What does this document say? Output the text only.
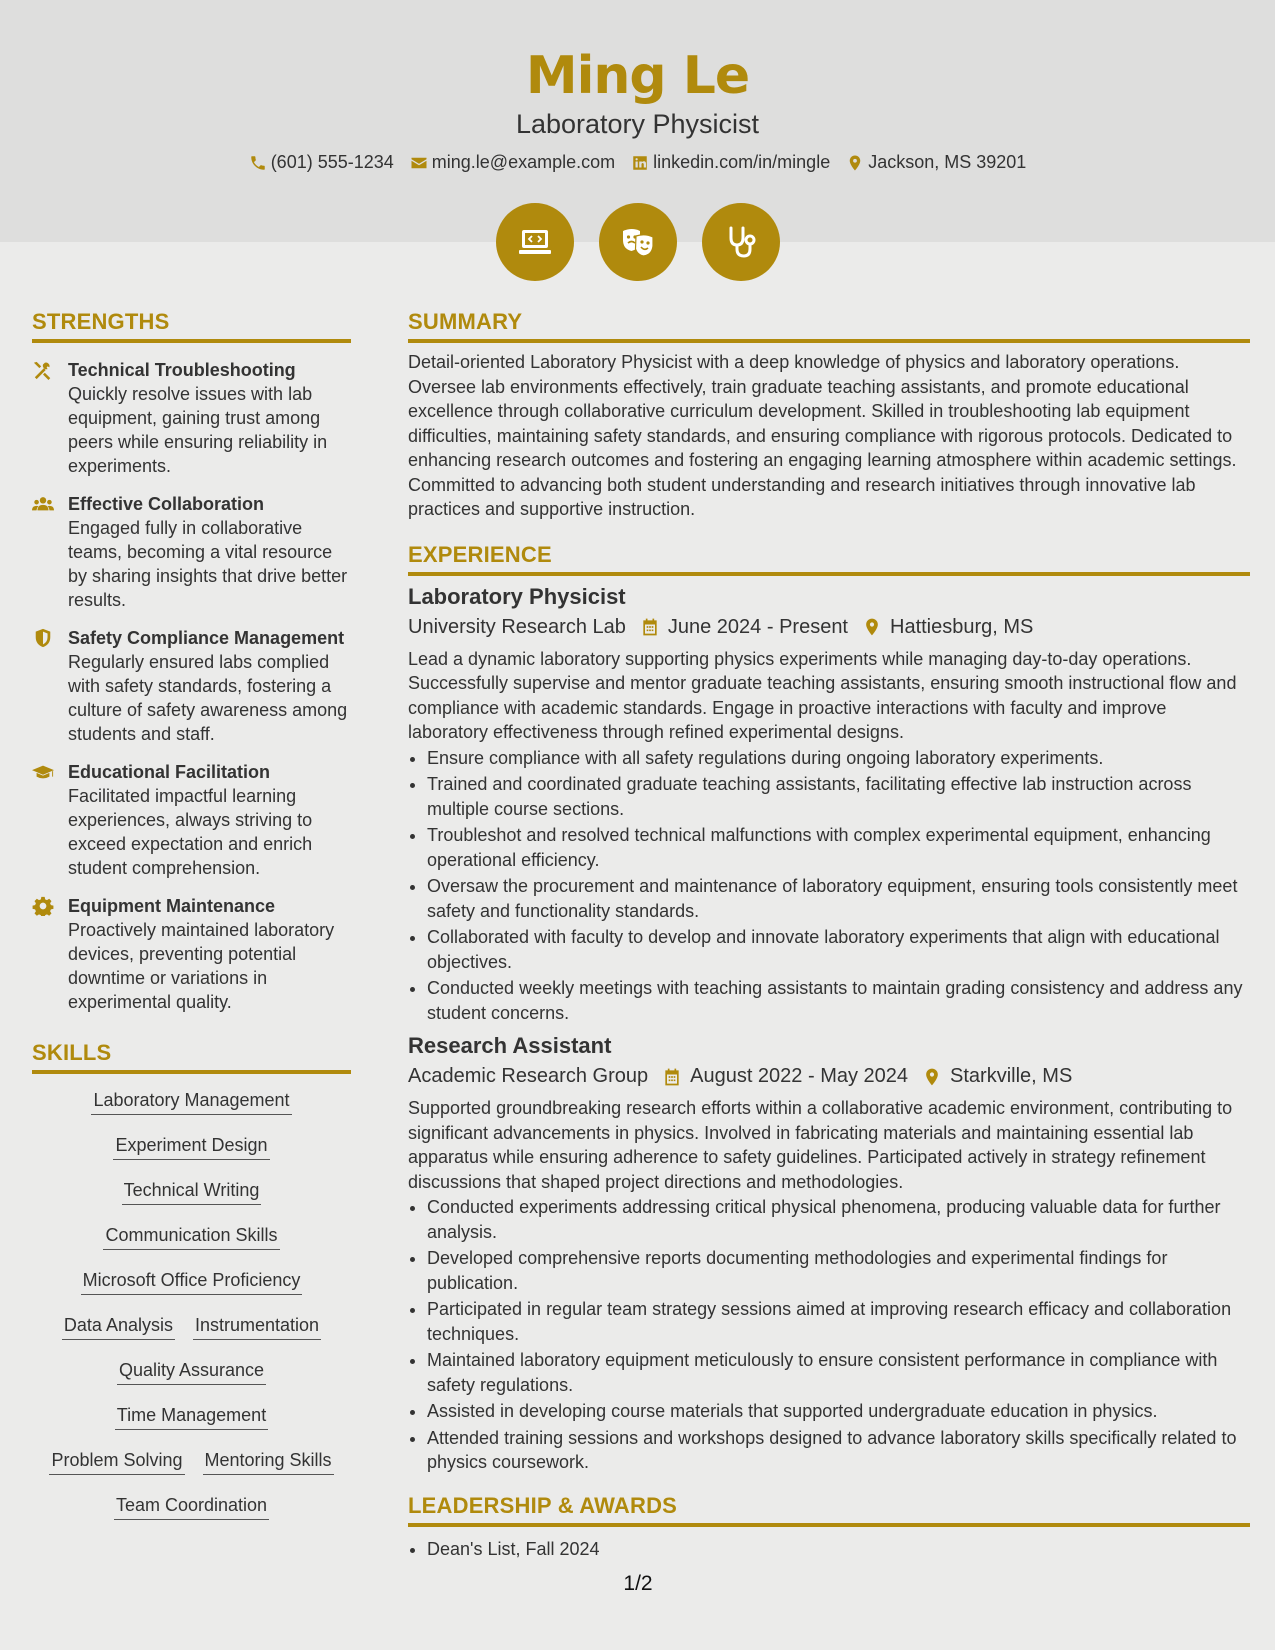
Ming Le
Laboratory Physicist
(601) 555-1234 ming.le@example.com linkedin.com/in/mingle Jackson, MS 39201
STRENGTHS
Technical Troubleshooting
Quickly resolve issues with lab equipment, gaining trust among peers while ensuring reliability in experiments.
Effective Collaboration
Engaged fully in collaborative teams, becoming a vital resource by sharing insights that drive better results.
Safety Compliance Management
Regularly ensured labs complied with safety standards, fostering a culture of safety awareness among students and staff.
Educational Facilitation
Facilitated impactful learning experiences, always striving to exceed expectation and enrich student comprehension.
Equipment Maintenance
Proactively maintained laboratory devices, preventing potential downtime or variations in experimental quality.
SKILLS
Laboratory Management
Experiment Design
Technical Writing
Communication Skills
Microsoft Office Proficiency
Data Analysis Instrumentation
Quality Assurance
Time Management
Problem Solving Mentoring Skills
Team Coordination
SUMMARY
Detail-oriented Laboratory Physicist with a deep knowledge of physics and laboratory operations. Oversee lab environments effectively, train graduate teaching assistants, and promote educational excellence through collaborative curriculum development. Skilled in troubleshooting lab equipment difficulties, maintaining safety standards, and ensuring compliance with rigorous protocols. Dedicated to enhancing research outcomes and fostering an engaging learning atmosphere within academic settings. Committed to advancing both student understanding and research initiatives through innovative lab practices and supportive instruction.
EXPERIENCE
Laboratory Physicist
University Research Lab June 2024 - Present Hattiesburg, MS
Lead a dynamic laboratory supporting physics experiments while managing day-to-day operations. Successfully supervise and mentor graduate teaching assistants, ensuring smooth instructional flow and compliance with academic standards. Engage in proactive interactions with faculty and improve laboratory effectiveness through refined experimental designs.
• Ensure compliance with all safety regulations during ongoing laboratory experiments.
• Trained and coordinated graduate teaching assistants, facilitating effective lab instruction across multiple course sections.
• Troubleshot and resolved technical malfunctions with complex experimental equipment, enhancing operational efficiency.
• Oversaw the procurement and maintenance of laboratory equipment, ensuring tools consistently meet safety and functionality standards.
• Collaborated with faculty to develop and innovate laboratory experiments that align with educational objectives.
• Conducted weekly meetings with teaching assistants to maintain grading consistency and address any student concerns.
Research Assistant
Academic Research Group August 2022 - May 2024 Starkville, MS
Supported groundbreaking research efforts within a collaborative academic environment, contributing to significant advancements in physics. Involved in fabricating materials and maintaining essential lab apparatus while ensuring adherence to safety guidelines. Participated actively in strategy refinement discussions that shaped project directions and methodologies.
• Conducted experiments addressing critical physical phenomena, producing valuable data for further analysis.
• Developed comprehensive reports documenting methodologies and experimental findings for publication.
• Participated in regular team strategy sessions aimed at improving research efficacy and collaboration techniques.
• Maintained laboratory equipment meticulously to ensure consistent performance in compliance with safety regulations.
• Assisted in developing course materials that supported undergraduate education in physics.
• Attended training sessions and workshops designed to advance laboratory skills specifically related to physics coursework.
LEADERSHIP & AWARDS
• Dean's List, Fall 2024
1/2
